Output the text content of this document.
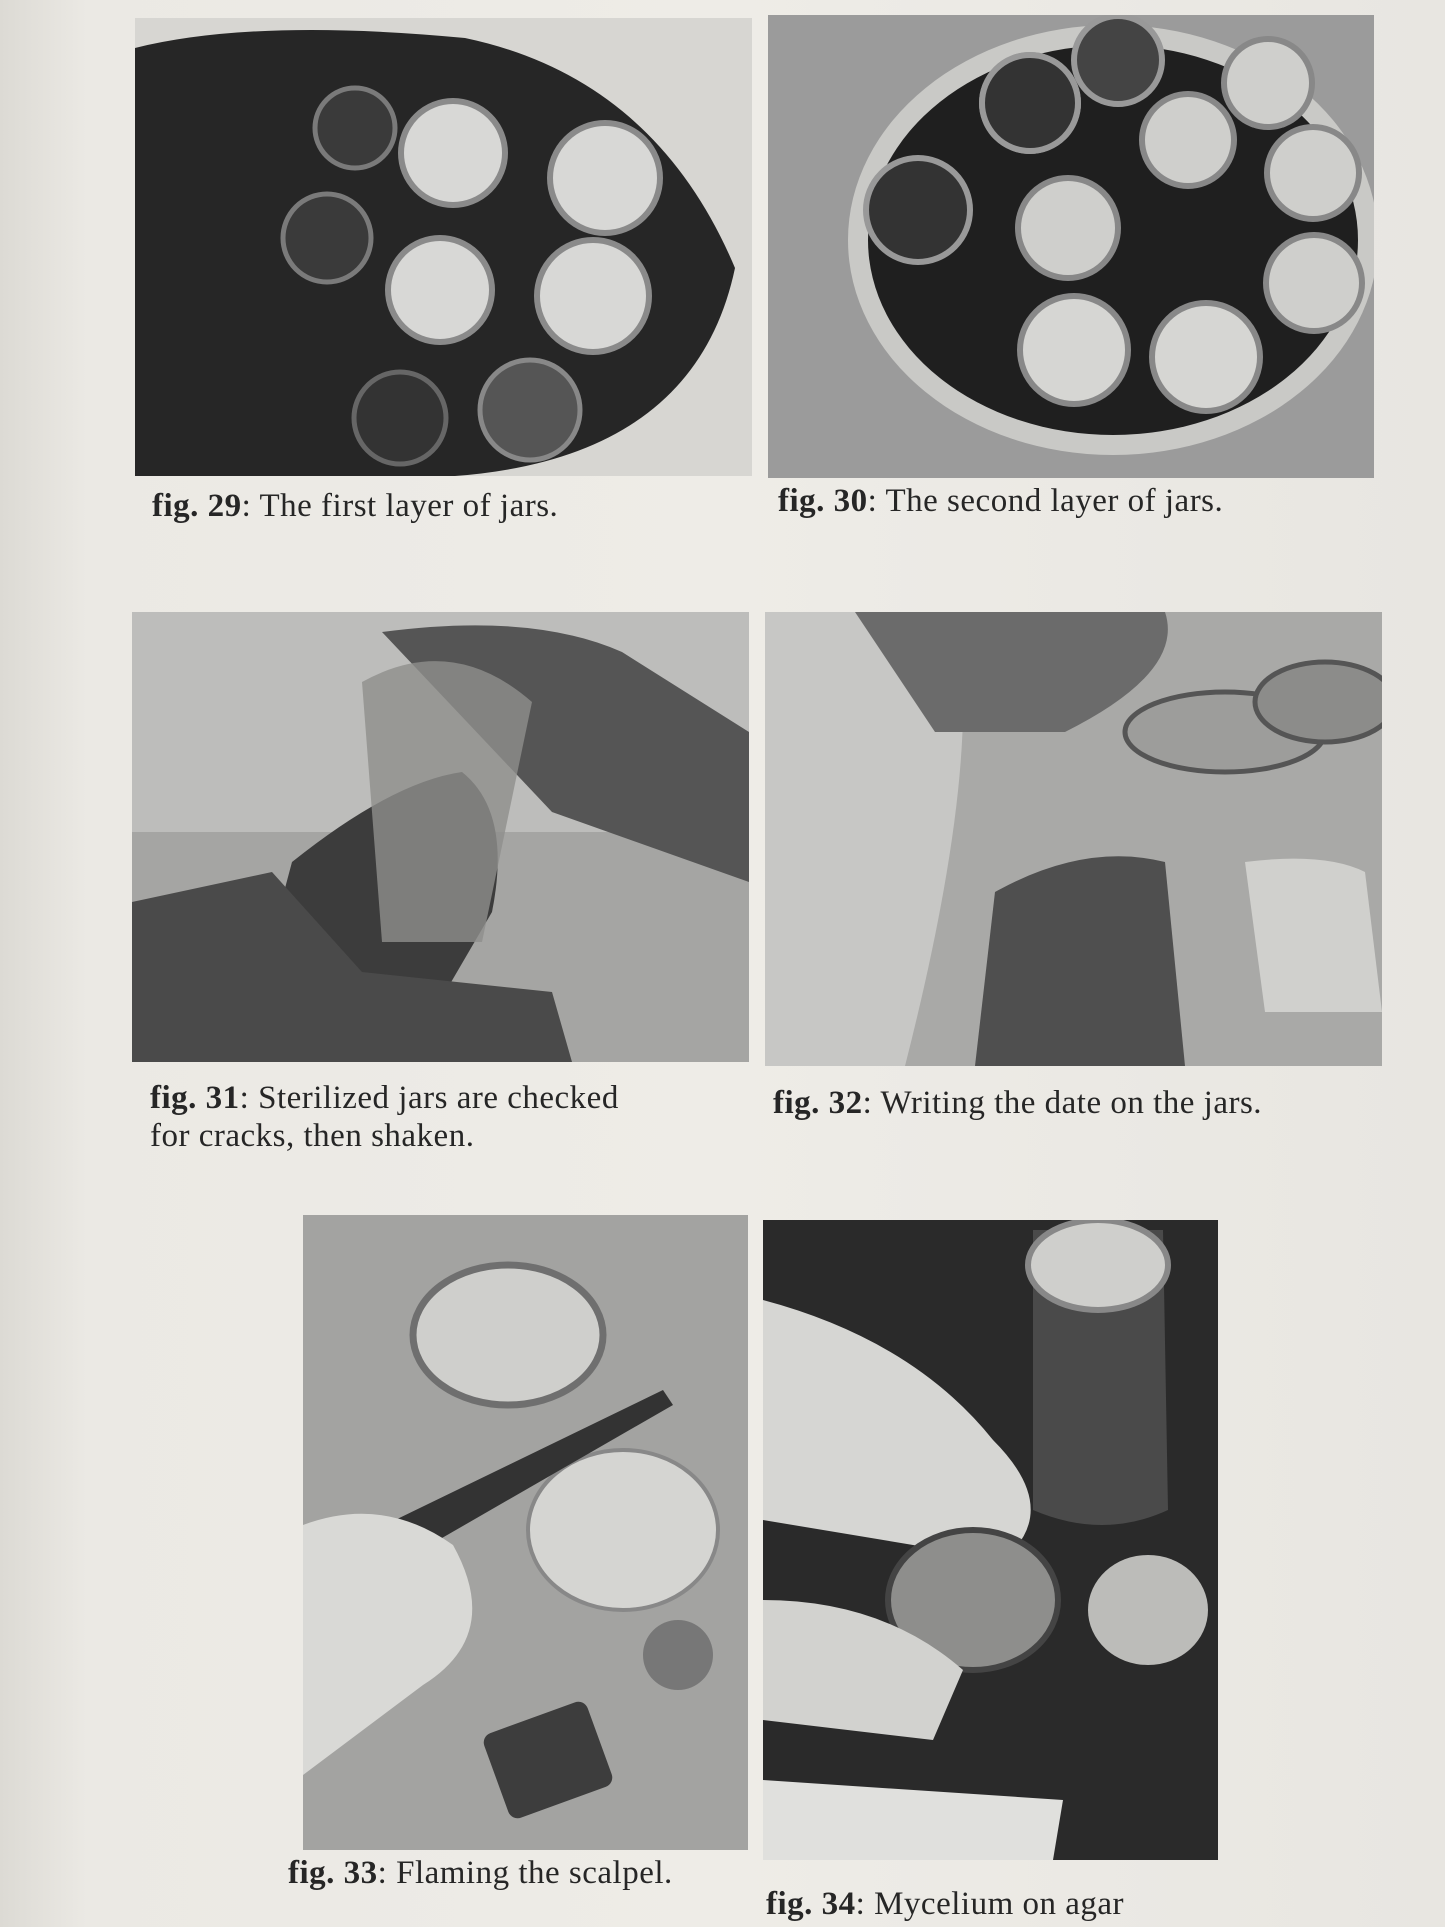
fig. 29: The first layer of jars.	fig. 30: The second layer of jars.
fig. 31: Sterilized jars are checked
for cracks, then shaken.
fig. 32: Writing the date on the jars.
fig. 33: Flaming the scalpel.
fig. 34: Mycelium on agar
